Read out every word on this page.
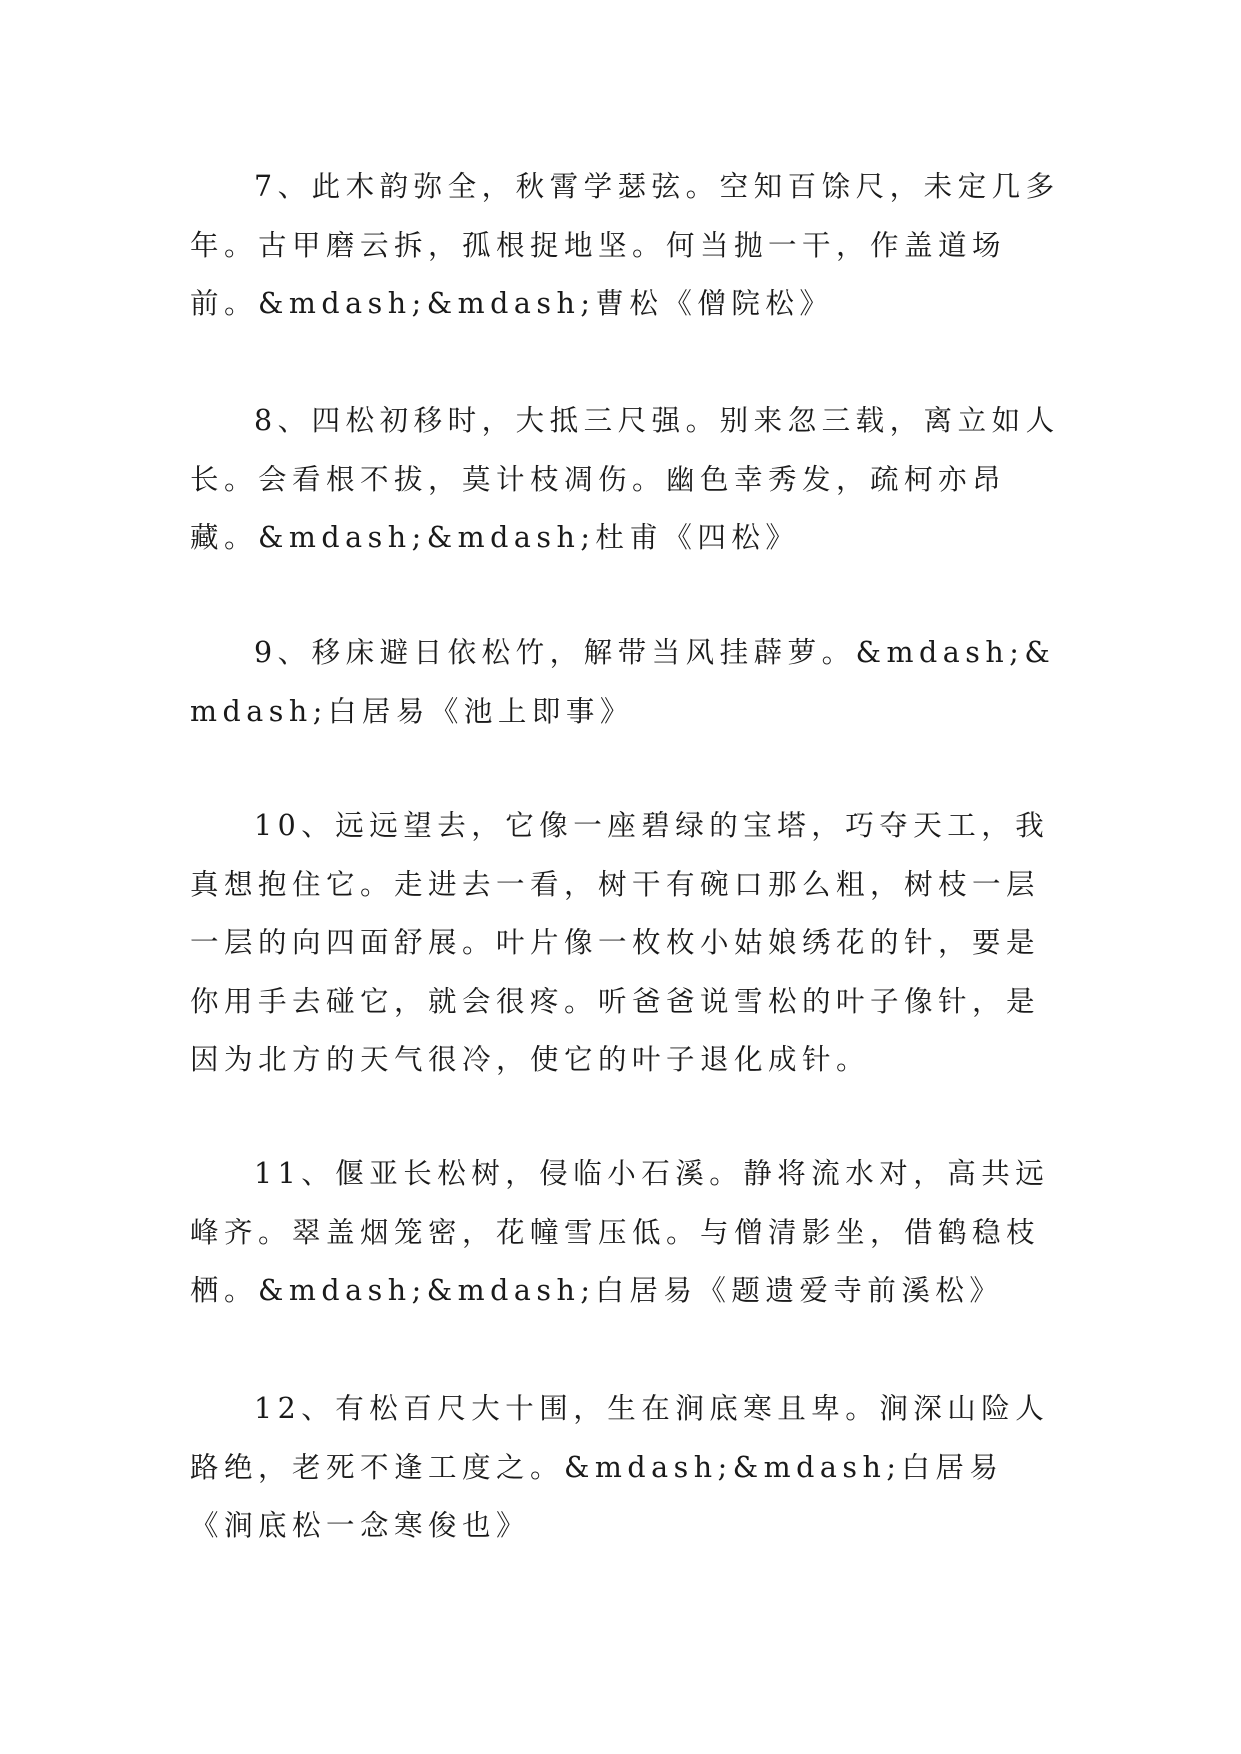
7、此木韵弥全，秋霄学瑟弦。空知百馀尺，未定几多年。古甲磨云拆，孤根捉地坚。何当抛一干，作盖道场前。&mdash;&mdash;曹松《僧院松》

8、四松初移时，大抵三尺强。别来忽三载，离立如人长。会看根不拔，莫计枝凋伤。幽色幸秀发，疏柯亦昂藏。&mdash;&mdash;杜甫《四松》

9、移床避日依松竹，解带当风挂薜萝。&mdash;&mdash;白居易《池上即事》

10、远远望去，它像一座碧绿的宝塔，巧夺天工，我真想抱住它。走进去一看，树干有碗口那么粗，树枝一层一层的向四面舒展。叶片像一枚枚小姑娘绣花的针，要是你用手去碰它，就会很疼。听爸爸说雪松的叶子像针，是因为北方的天气很冷，使它的叶子退化成针。

11、偃亚长松树，侵临小石溪。静将流水对，高共远峰齐。翠盖烟笼密，花幢雪压低。与僧清影坐，借鹤稳枝栖。&mdash;&mdash;白居易《题遗爱寺前溪松》

12、有松百尺大十围，生在涧底寒且卑。涧深山险人路绝，老死不逢工度之。&mdash;&mdash;白居易《涧底松一念寒俊也》
